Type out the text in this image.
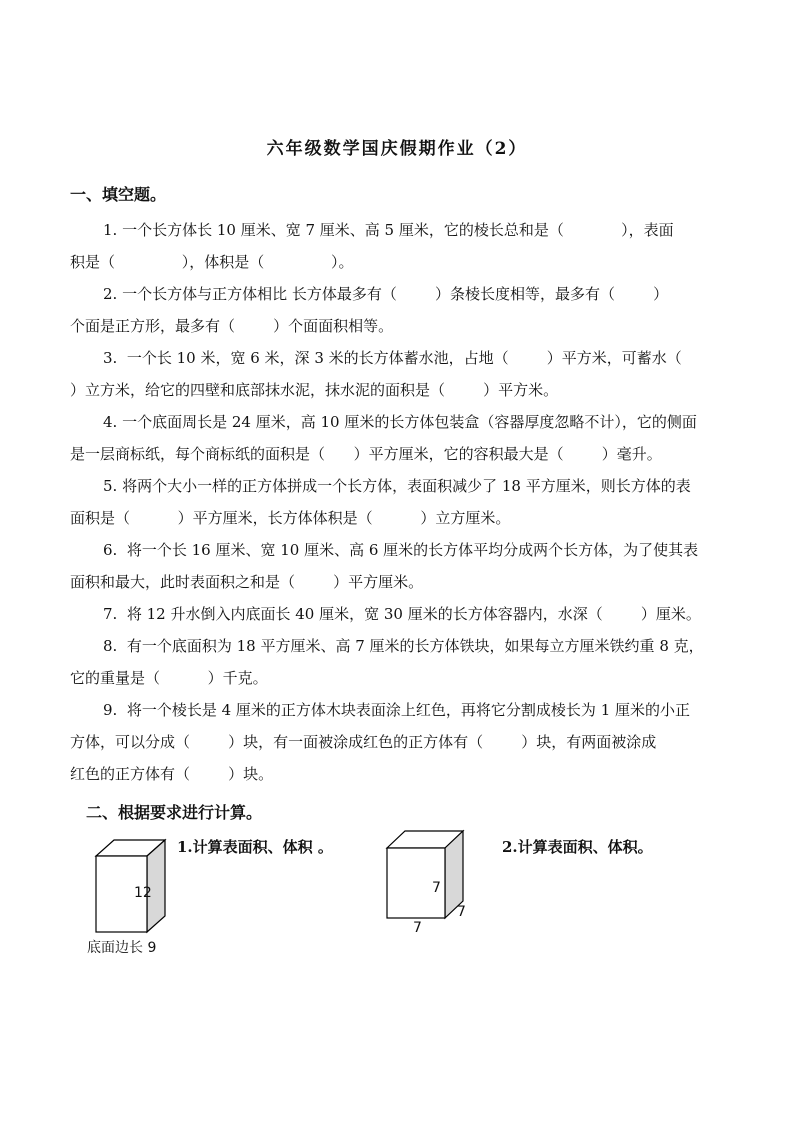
六年级数学国庆假期作业（2）
一、填空题。

1. 一个长方体长 10 厘米、宽 7 厘米、高 5 厘米，它的棱长总和是（            ），表面

积是（              ），体积是（              ）。

2. 一个长方体与正方体相比 长方体最多有（        ）条棱长度相等，最多有（        ）

个面是正方形，最多有（        ）个面面积相等。

3.  一个长 10 米，宽 6 米，深 3 米的长方体蓄水池，占地（        ）平方米，可蓄水（

）立方米，给它的四壁和底部抹水泥，抹水泥的面积是（        ）平方米。

4. 一个底面周长是 24 厘米，高 10 厘米的长方体包装盒（容器厚度忽略不计），它的侧面

是一层商标纸，每个商标纸的面积是（      ）平方厘米，它的容积最大是（        ）毫升。

5. 将两个大小一样的正方体拼成一个长方体，表面积减少了 18 平方厘米，则长方体的表

面积是（          ）平方厘米，长方体体积是（          ）立方厘米。

6.  将一个长 16 厘米、宽 10 厘米、高 6 厘米的长方体平均分成两个长方体，为了使其表

面积和最大，此时表面积之和是（        ）平方厘米。

7.  将 12 升水倒入内底面长 40 厘米，宽 30 厘米的长方体容器内，水深（        ）厘米。

8.  有一个底面积为 18 平方厘米、高 7 厘米的长方体铁块，如果每立方厘米铁约重 8 克，

它的重量是（          ）千克。

9.  将一个棱长是 4 厘米的正方体木块表面涂上红色，再将它分割成棱长为 1 厘米的小正

方体，可以分成（        ）块，有一面被涂成红色的正方体有（        ）块，有两面被涂成

红色的正方体有（        ）块。

二、根据要求进行计算。
1.计算表面积、体积 。	2.计算表面积、体积。
12
底面边长 9
7
7
7
